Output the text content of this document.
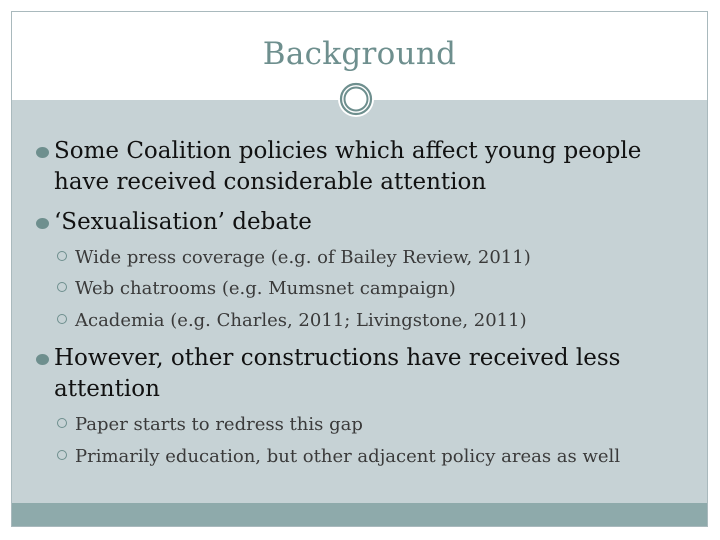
Background
Some Coalition policies which affect young people have received considerable attention
‘Sexualisation’ debate
Wide press coverage (e.g. of Bailey Review, 2011)
Web chatrooms (e.g. Mumsnet campaign)
Academia (e.g. Charles, 2011; Livingstone, 2011)
However, other constructions have received less attention
Paper starts to redress this gap
Primarily education, but other adjacent policy areas as well
